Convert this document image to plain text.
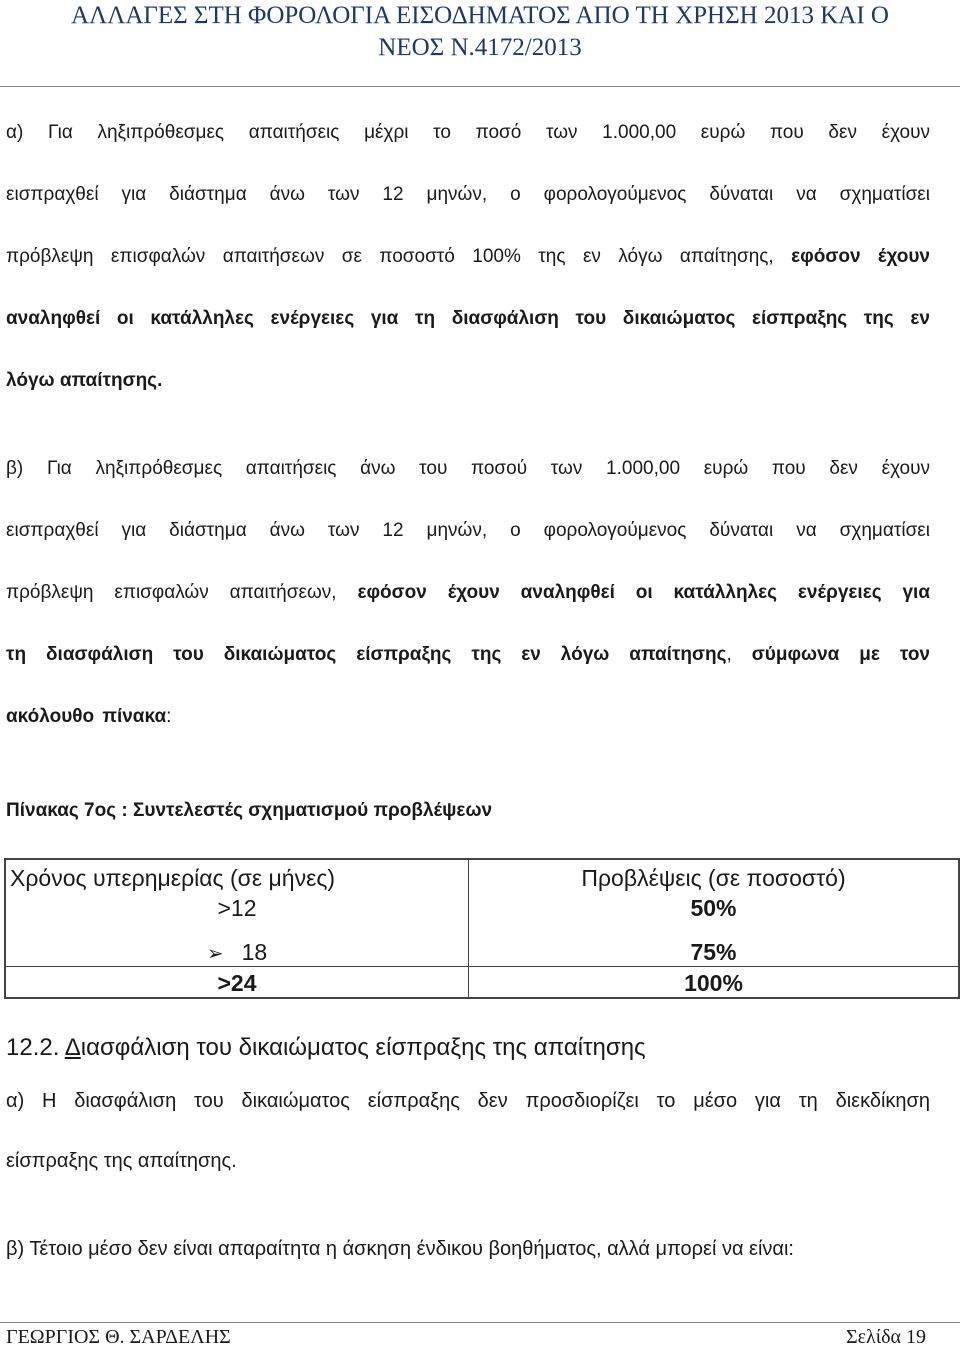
ΑΛΛΑΓΕΣ ΣΤΗ ΦΟΡΟΛΟΓΙΑ ΕΙΣΟΔΗΜΑΤΟΣ ΑΠΟ ΤΗ ΧΡΗΣΗ 2013 ΚΑΙ Ο
ΝΕΟΣ Ν.4172/2013
α) Για ληξιπρόθεσμες απαιτήσεις μέχρι το ποσό των 1.000,00 ευρώ που δεν έχουν
εισπραχθεί για διάστημα άνω των 12 μηνών, ο φορολογούμενος δύναται να σχηματίσει
πρόβλεψη επισφαλών απαιτήσεων σε ποσοστό 100% της εν λόγω απαίτησης, εφόσον έχουν
αναληφθεί οι κατάλληλες ενέργειες για τη διασφάλιση του δικαιώματος είσπραξης της εν
λόγω απαίτησης.
β) Για ληξιπρόθεσμες απαιτήσεις άνω του ποσού των 1.000,00 ευρώ που δεν έχουν
εισπραχθεί για διάστημα άνω των 12 μηνών, ο φορολογούμενος δύναται να σχηματίσει
πρόβλεψη επισφαλών απαιτήσεων, εφόσον έχουν αναληφθεί οι κατάλληλες ενέργειες για
τη διασφάλιση του δικαιώματος είσπραξης της εν λόγω απαίτησης, σύμφωνα με τον
ακόλουθο πίνακα:
Πίνακας 7ος : Συντελεστές σχηματισμού προβλέψεων
Χρόνος υπερημερίας (σε μήνες)	Προβλέψεις (σε ποσοστό)
>12	50%
➢ 18	75%
>24	100%
12.2. Διασφάλιση του δικαιώματος είσπραξης της απαίτησης
α) Η διασφάλιση του δικαιώματος είσπραξης δεν προσδιορίζει το μέσο για τη διεκδίκηση
είσπραξης της απαίτησης.
β) Τέτοιο μέσο δεν είναι απαραίτητα η άσκηση ένδικου βοηθήματος, αλλά μπορεί να είναι:
ΓΕΩΡΓΙΟΣ Θ. ΣΑΡΔΕΛΗΣ	Σελίδα 19
